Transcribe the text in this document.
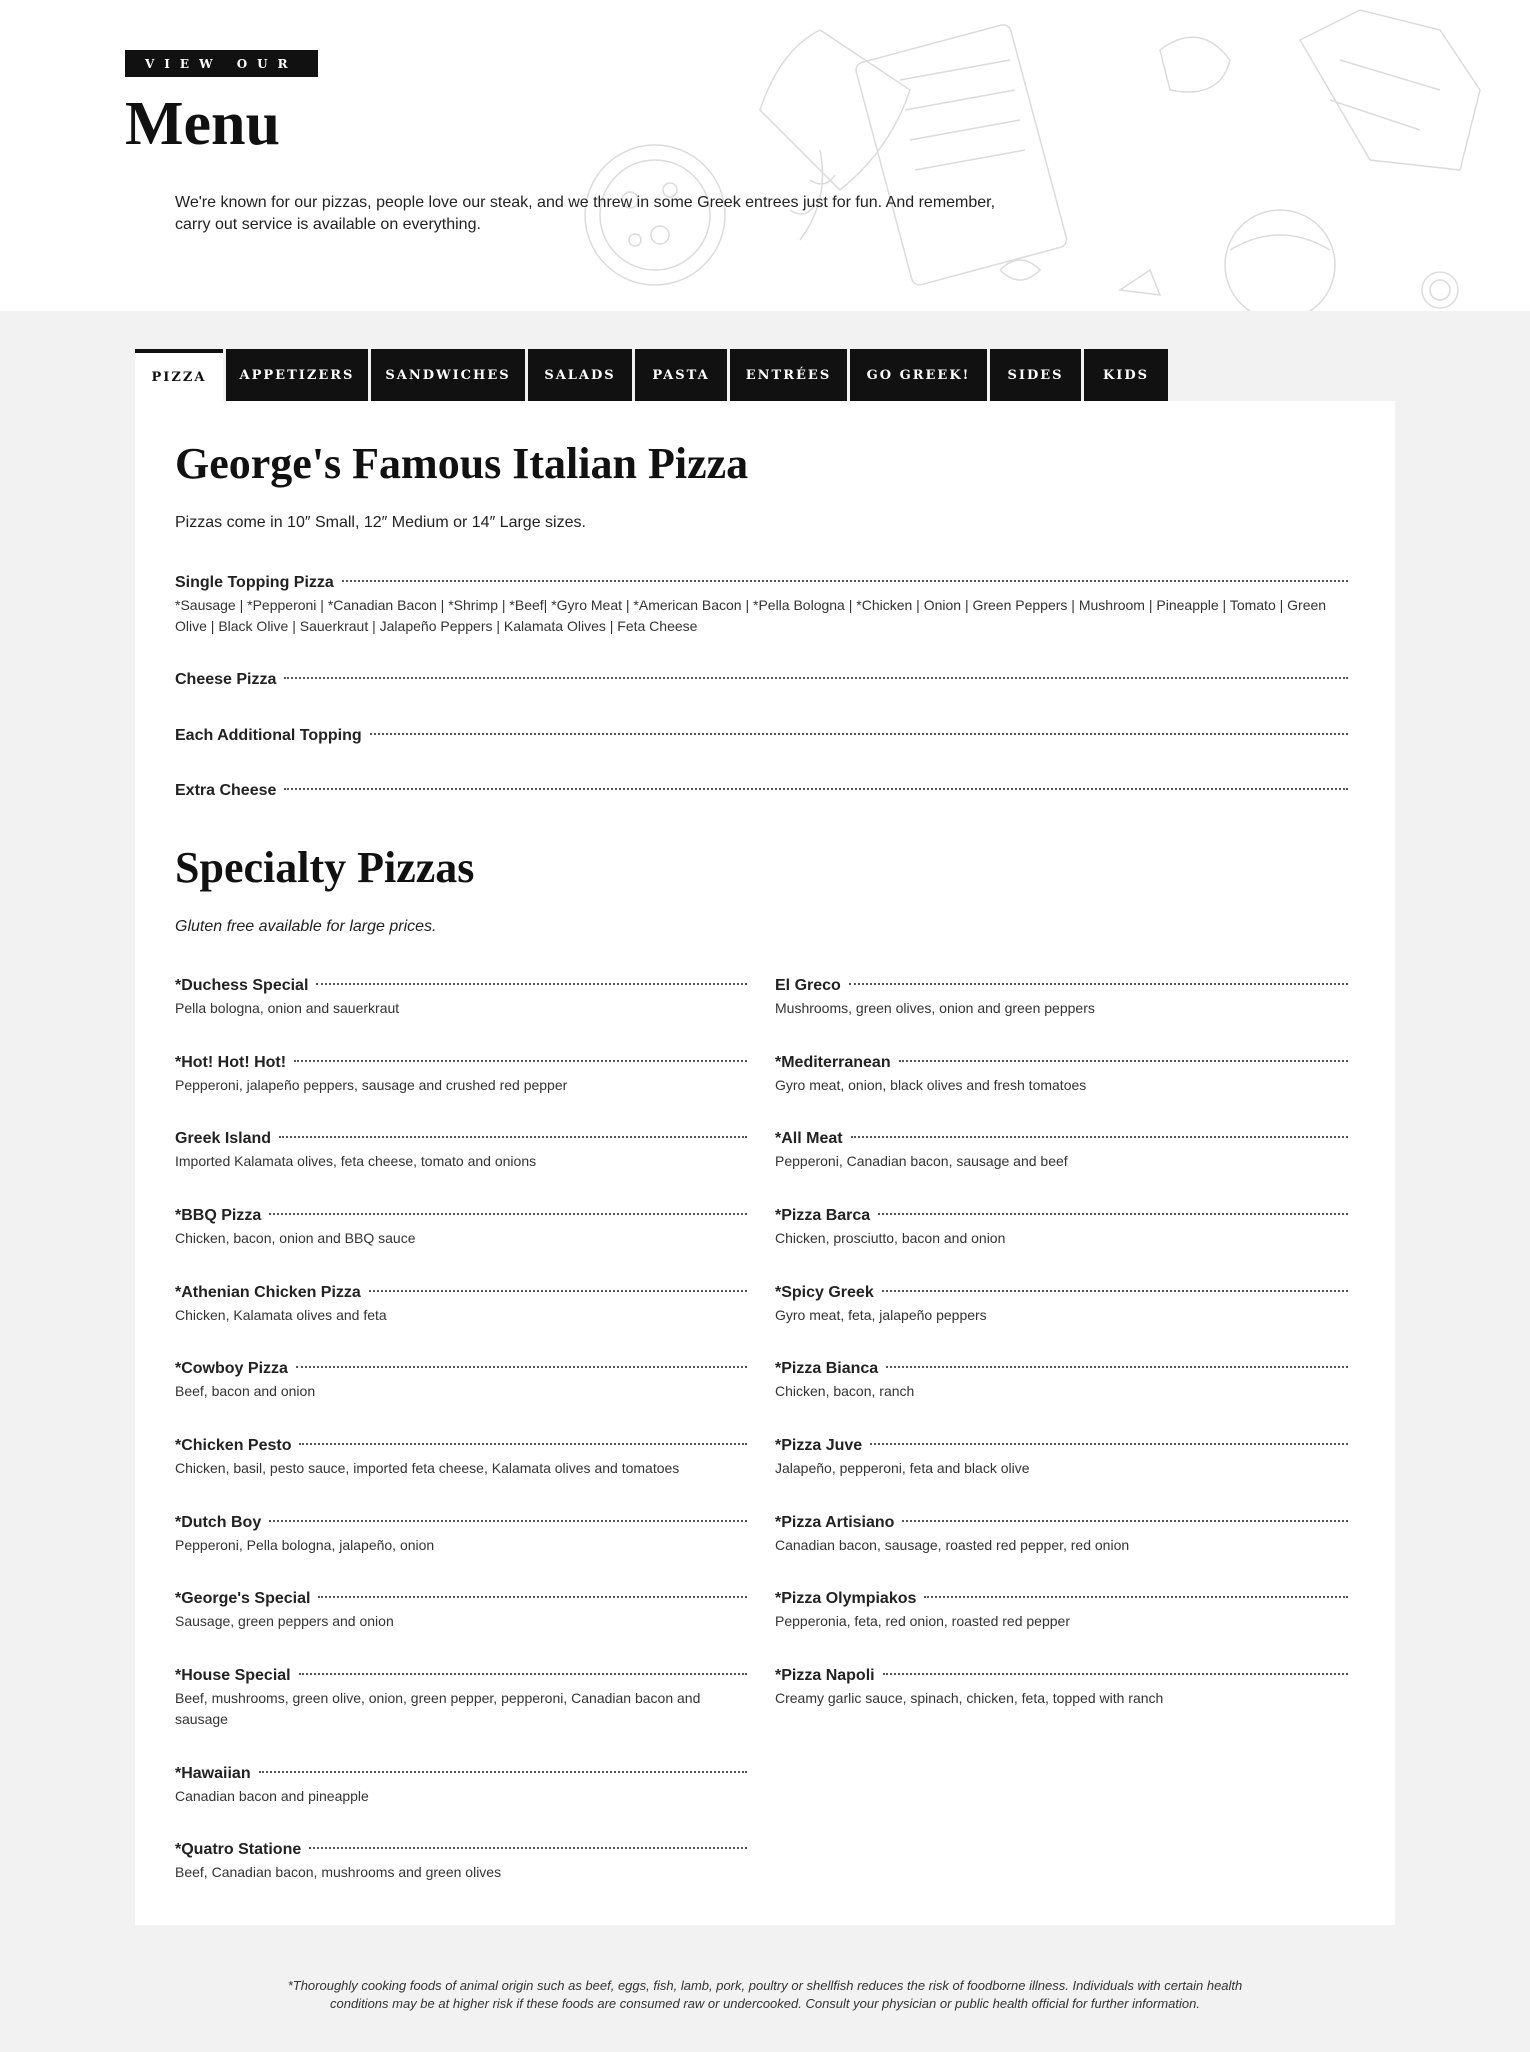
VIEW OUR
Menu
We're known for our pizzas, people love our steak, and we threw in some Greek entrees just for fun. And remember, carry out service is available on everything.
PIZZA	APPETIZERS	SANDWICHES	SALADS	PASTA	ENTRÉES	GO GREEK!	SIDES	KIDS
George's Famous Italian Pizza
Pizzas come in 10″ Small, 12″ Medium or 14″ Large sizes.
Single Topping Pizza
*Sausage | *Pepperoni | *Canadian Bacon | *Shrimp | *Beef| *Gyro Meat | *American Bacon | *Pella Bologna | *Chicken | Onion | Green Peppers | Mushroom | Pineapple | Tomato | Green Olive | Black Olive | Sauerkraut | Jalapeño Peppers | Kalamata Olives | Feta Cheese
Cheese Pizza
Each Additional Topping
Extra Cheese
Specialty Pizzas
Gluten free available for large prices.
*Duchess Special
Pella bologna, onion and sauerkraut
*Hot! Hot! Hot!
Pepperoni, jalapeño peppers, sausage and crushed red pepper
Greek Island
Imported Kalamata olives, feta cheese, tomato and onions
*BBQ Pizza
Chicken, bacon, onion and BBQ sauce
*Athenian Chicken Pizza
Chicken, Kalamata olives and feta
*Cowboy Pizza
Beef, bacon and onion
*Chicken Pesto
Chicken, basil, pesto sauce, imported feta cheese, Kalamata olives and tomatoes
*Dutch Boy
Pepperoni, Pella bologna, jalapeño, onion
*George's Special
Sausage, green peppers and onion
*House Special
Beef, mushrooms, green olive, onion, green pepper, pepperoni, Canadian bacon and sausage
*Hawaiian
Canadian bacon and pineapple
*Quatro Statione
Beef, Canadian bacon, mushrooms and green olives
El Greco
Mushrooms, green olives, onion and green peppers
*Mediterranean
Gyro meat, onion, black olives and fresh tomatoes
*All Meat
Pepperoni, Canadian bacon, sausage and beef
*Pizza Barca
Chicken, prosciutto, bacon and onion
*Spicy Greek
Gyro meat, feta, jalapeño peppers
*Pizza Bianca
Chicken, bacon, ranch
*Pizza Juve
Jalapeño, pepperoni, feta and black olive
*Pizza Artisiano
Canadian bacon, sausage, roasted red pepper, red onion
*Pizza Olympiakos
Pepperonia, feta, red onion, roasted red pepper
*Pizza Napoli
Creamy garlic sauce, spinach, chicken, feta, topped with ranch
*Thoroughly cooking foods of animal origin such as beef, eggs, fish, lamb, pork, poultry or shellfish reduces the risk of foodborne illness. Individuals with certain health conditions may be at higher risk if these foods are consumed raw or undercooked. Consult your physician or public health official for further information.
